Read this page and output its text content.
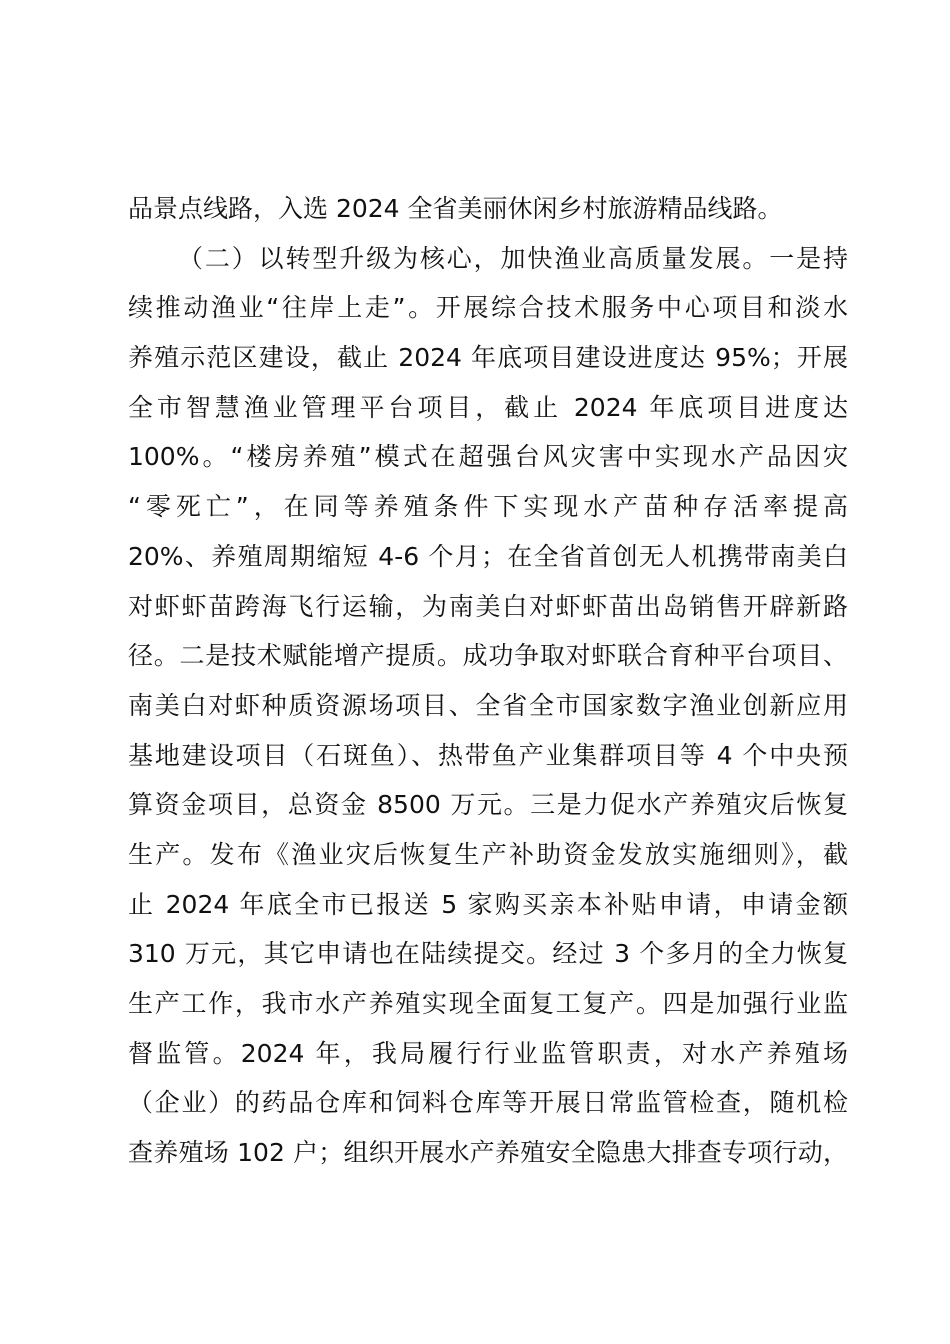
品景点线路，入选 2024 全省美丽休闲乡村旅游精品线路。
（二）以转型升级为核心，加快渔业高质量发展。一是持
续推动渔业“往岸上走”。开展综合技术服务中心项目和淡水
养殖示范区建设，截止 2024 年底项目建设进度达 95%；开展
全市智慧渔业管理平台项目，截止 2024 年底项目进度达
100%。“楼房养殖”模式在超强台风灾害中实现水产品因灾
“零死亡”，在同等养殖条件下实现水产苗种存活率提高
20%、养殖周期缩短 4-6 个月；在全省首创无人机携带南美白
对虾虾苗跨海飞行运输，为南美白对虾虾苗出岛销售开辟新路
径。二是技术赋能增产提质。成功争取对虾联合育种平台项目、
南美白对虾种质资源场项目、全省全市国家数字渔业创新应用
基地建设项目（石斑鱼）、热带鱼产业集群项目等 4 个中央预
算资金项目，总资金 8500 万元。三是力促水产养殖灾后恢复
生产。发布《渔业灾后恢复生产补助资金发放实施细则》，截
止 2024 年底全市已报送 5 家购买亲本补贴申请，申请金额
310 万元，其它申请也在陆续提交。经过 3 个多月的全力恢复
生产工作，我市水产养殖实现全面复工复产。四是加强行业监
督监管。2024 年，我局履行行业监管职责，对水产养殖场
（企业）的药品仓库和饲料仓库等开展日常监管检查，随机检
查养殖场 102 户；组织开展水产养殖安全隐患大排查专项行动，
